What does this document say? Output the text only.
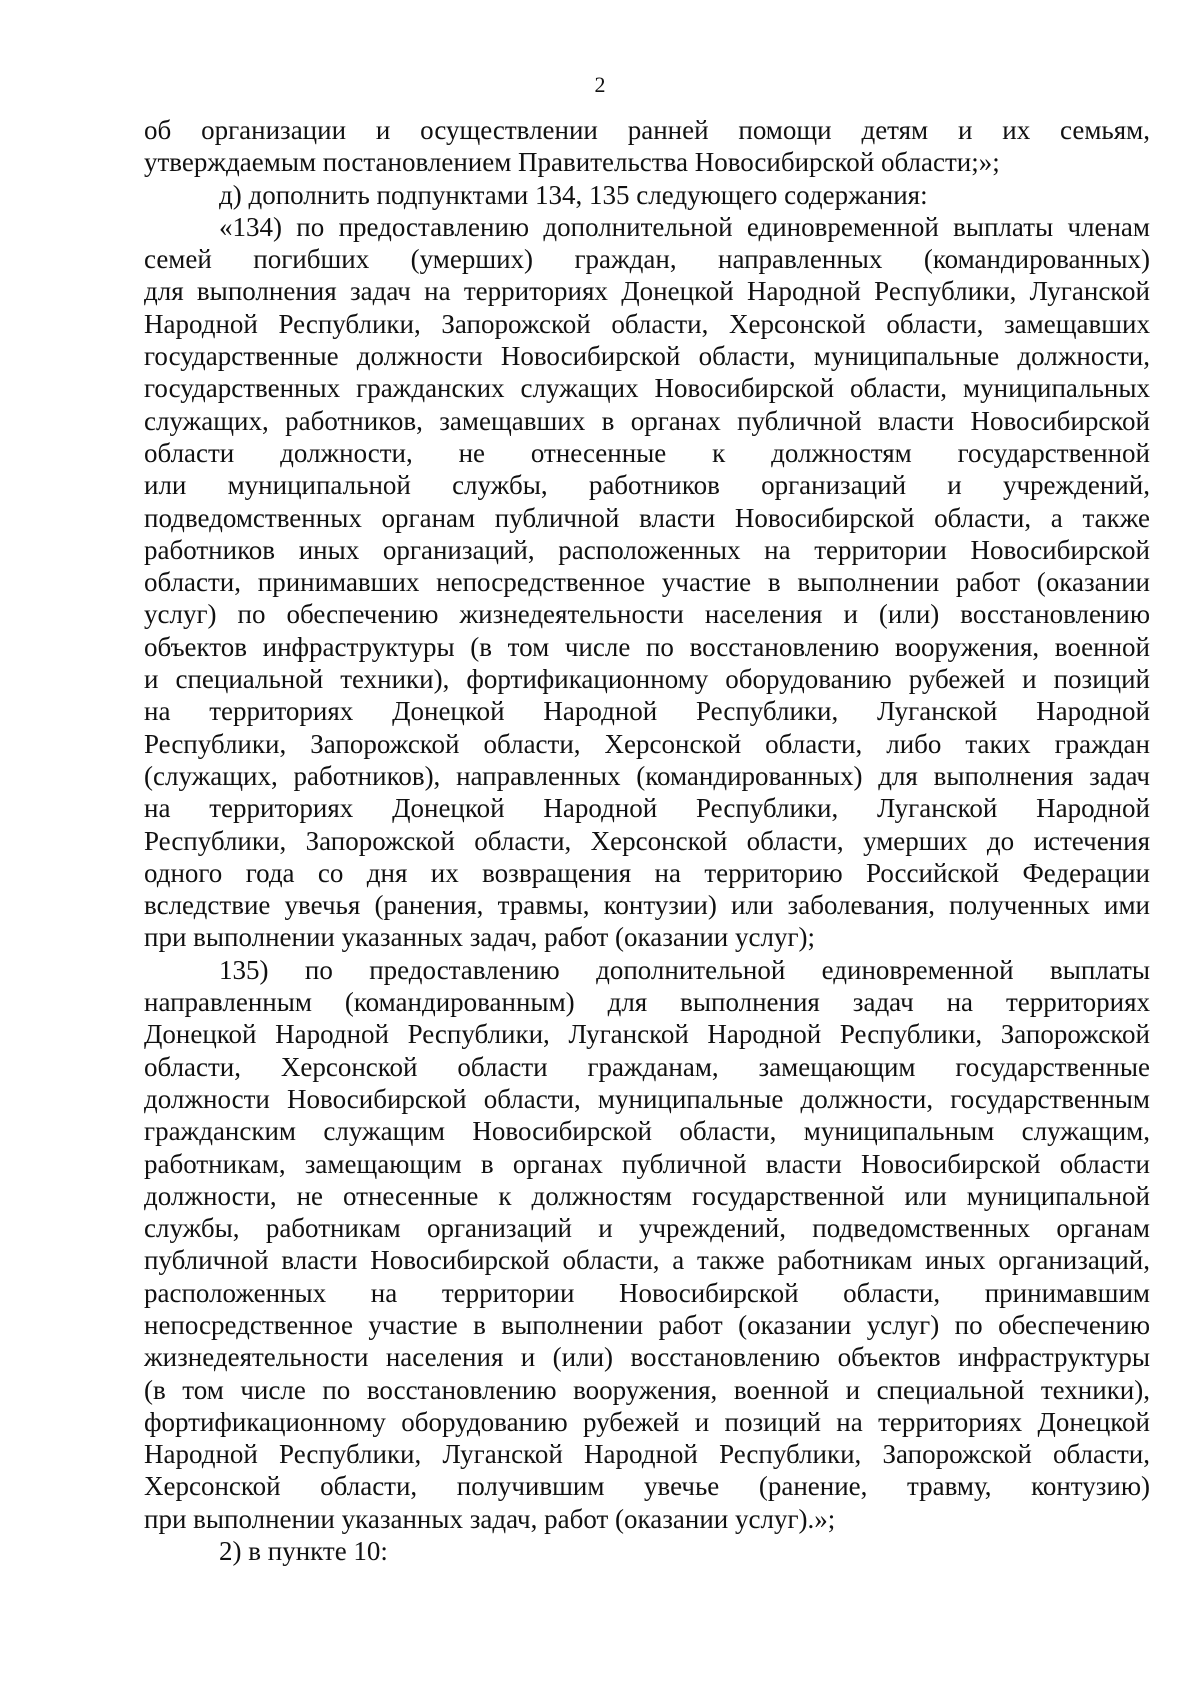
2
об организации и осуществлении ранней помощи детям и их семьям,
утверждаемым постановлением Правительства Новосибирской области;»;
д) дополнить подпунктами 134, 135 следующего содержания:
«134) по предоставлению дополнительной единовременной выплаты членам
семей погибших (умерших) граждан, направленных (командированных)
для выполнения задач на территориях Донецкой Народной Республики, Луганской
Народной Республики, Запорожской области, Херсонской области, замещавших
государственные должности Новосибирской области, муниципальные должности,
государственных гражданских служащих Новосибирской области, муниципальных
служащих, работников, замещавших в органах публичной власти Новосибирской
области должности, не отнесенные к должностям государственной
или муниципальной службы, работников организаций и учреждений,
подведомственных органам публичной власти Новосибирской области, а также
работников иных организаций, расположенных на территории Новосибирской
области, принимавших непосредственное участие в выполнении работ (оказании
услуг) по обеспечению жизнедеятельности населения и (или) восстановлению
объектов инфраструктуры (в том числе по восстановлению вооружения, военной
и специальной техники), фортификационному оборудованию рубежей и позиций
на территориях Донецкой Народной Республики, Луганской Народной
Республики, Запорожской области, Херсонской области, либо таких граждан
(служащих, работников), направленных (командированных) для выполнения задач
на территориях Донецкой Народной Республики, Луганской Народной
Республики, Запорожской области, Херсонской области, умерших до истечения
одного года со дня их возвращения на территорию Российской Федерации
вследствие увечья (ранения, травмы, контузии) или заболевания, полученных ими
при выполнении указанных задач, работ (оказании услуг);
135) по предоставлению дополнительной единовременной выплаты
направленным (командированным) для выполнения задач на территориях
Донецкой Народной Республики, Луганской Народной Республики, Запорожской
области, Херсонской области гражданам, замещающим государственные
должности Новосибирской области, муниципальные должности, государственным
гражданским служащим Новосибирской области, муниципальным служащим,
работникам, замещающим в органах публичной власти Новосибирской области
должности, не отнесенные к должностям государственной или муниципальной
службы, работникам организаций и учреждений, подведомственных органам
публичной власти Новосибирской области, а также работникам иных организаций,
расположенных на территории Новосибирской области, принимавшим
непосредственное участие в выполнении работ (оказании услуг) по обеспечению
жизнедеятельности населения и (или) восстановлению объектов инфраструктуры
(в том числе по восстановлению вооружения, военной и специальной техники),
фортификационному оборудованию рубежей и позиций на территориях Донецкой
Народной Республики, Луганской Народной Республики, Запорожской области,
Херсонской области, получившим увечье (ранение, травму, контузию)
при выполнении указанных задач, работ (оказании услуг).»;
2) в пункте 10:
